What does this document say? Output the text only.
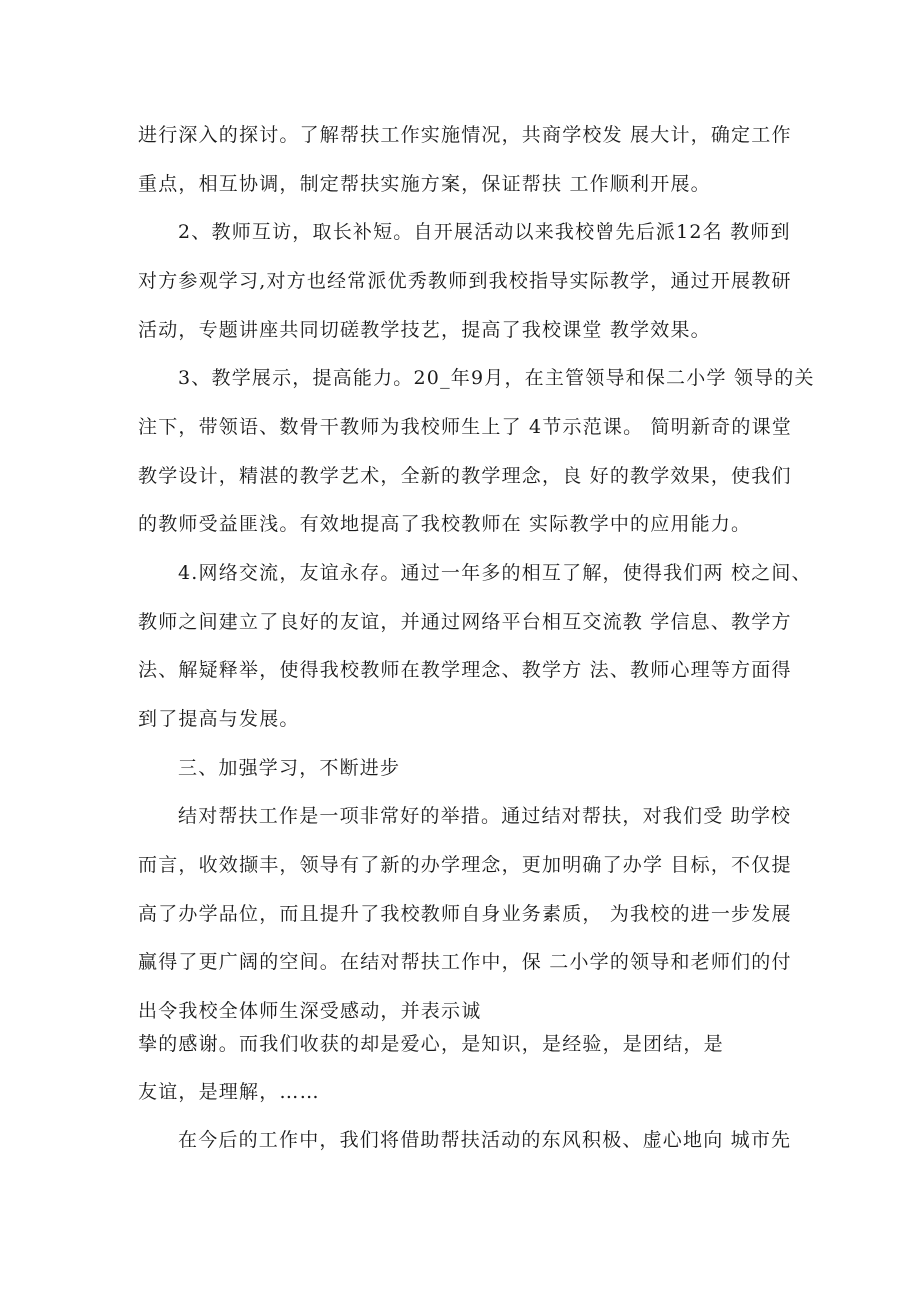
进行深入的探讨。了解帮扶工作实施情况，共商学校发 展大计，确定工作
重点，相互协调，制定帮扶实施方案，保证帮扶 工作顺利开展。
2、教师互访，取长补短。自开展活动以来我校曾先后派12名 教师到
对方参观学习,对方也经常派优秀教师到我校指导实际教学，通过开展教研
活动，专题讲座共同切磋教学技艺，提高了我校课堂 教学效果。
3、教学展示，提高能力。20_年9月，在主管领导和保二小学 领导的关
注下，带领语、数骨干教师为我校师生上了 4节示范课。 简明新奇的课堂
教学设计，精湛的教学艺术，全新的教学理念，良 好的教学效果，使我们
的教师受益匪浅。有效地提高了我校教师在 实际教学中的应用能力。
4.网络交流，友谊永存。通过一年多的相互了解，使得我们两 校之间、
教师之间建立了良好的友谊，并通过网络平台相互交流教 学信息、教学方
法、解疑释举，使得我校教师在教学理念、教学方 法、教师心理等方面得
到了提高与发展。
三、加强学习，不断进步
结对帮扶工作是一项非常好的举措。通过结对帮扶，对我们受 助学校
而言，收效撷丰，领导有了新的办学理念，更加明确了办学 目标，不仅提
高了办学品位，而且提升了我校教师自身业务素质， 为我校的进一步发展
赢得了更广阔的空间。在结对帮扶工作中，保 二小学的领导和老师们的付
出令我校全体师生深受感动，并表示诚
挚的感谢。而我们收获的却是爱心，是知识，是经验，是团结，是
友谊，是理解，……
在今后的工作中，我们将借助帮扶活动的东风积极、虚心地向 城市先
